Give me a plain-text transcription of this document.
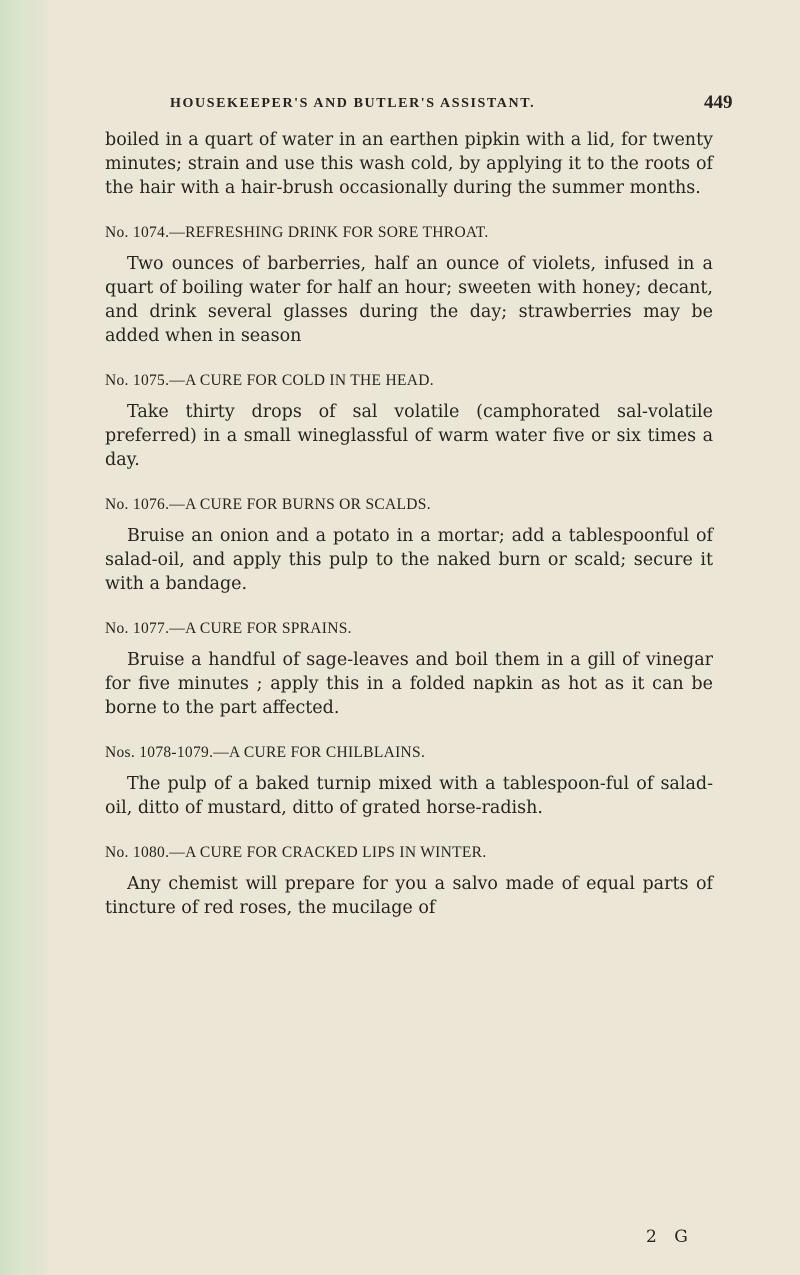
HOUSEKEEPER'S AND BUTLER'S ASSISTANT.	449

boiled in a quart of water in an earthen pipkin with a lid, for twenty minutes; strain and use this wash cold, by applying it to the roots of the hair with a hair-brush occasionally during the summer months.

No. 1074.—REFRESHING DRINK FOR SORE THROAT.

Two ounces of barberries, half an ounce of violets, infused in a quart of boiling water for half an hour; sweeten with honey; decant, and drink several glasses during the day; strawberries may be added when in season

No. 1075.—A CURE FOR COLD IN THE HEAD.

Take thirty drops of sal volatile (camphorated sal-volatile preferred) in a small wineglassful of warm water five or six times a day.

No. 1076.—A CURE FOR BURNS OR SCALDS.

Bruise an onion and a potato in a mortar; add a tablespoonful of salad-oil, and apply this pulp to the naked burn or scald; secure it with a bandage.

No. 1077.—A CURE FOR SPRAINS.

Bruise a handful of sage-leaves and boil them in a gill of vinegar for five minutes ; apply this in a folded napkin as hot as it can be borne to the part affected.

Nos. 1078-1079.—A CURE FOR CHILBLAINS.

The pulp of a baked turnip mixed with a tablespoon-ful of salad-oil, ditto of mustard, ditto of grated horse-radish.

No. 1080.—A CURE FOR CRACKED LIPS IN WINTER.

Any chemist will prepare for you a salvo made of equal parts of tincture of red roses, the mucilage of

2 G
